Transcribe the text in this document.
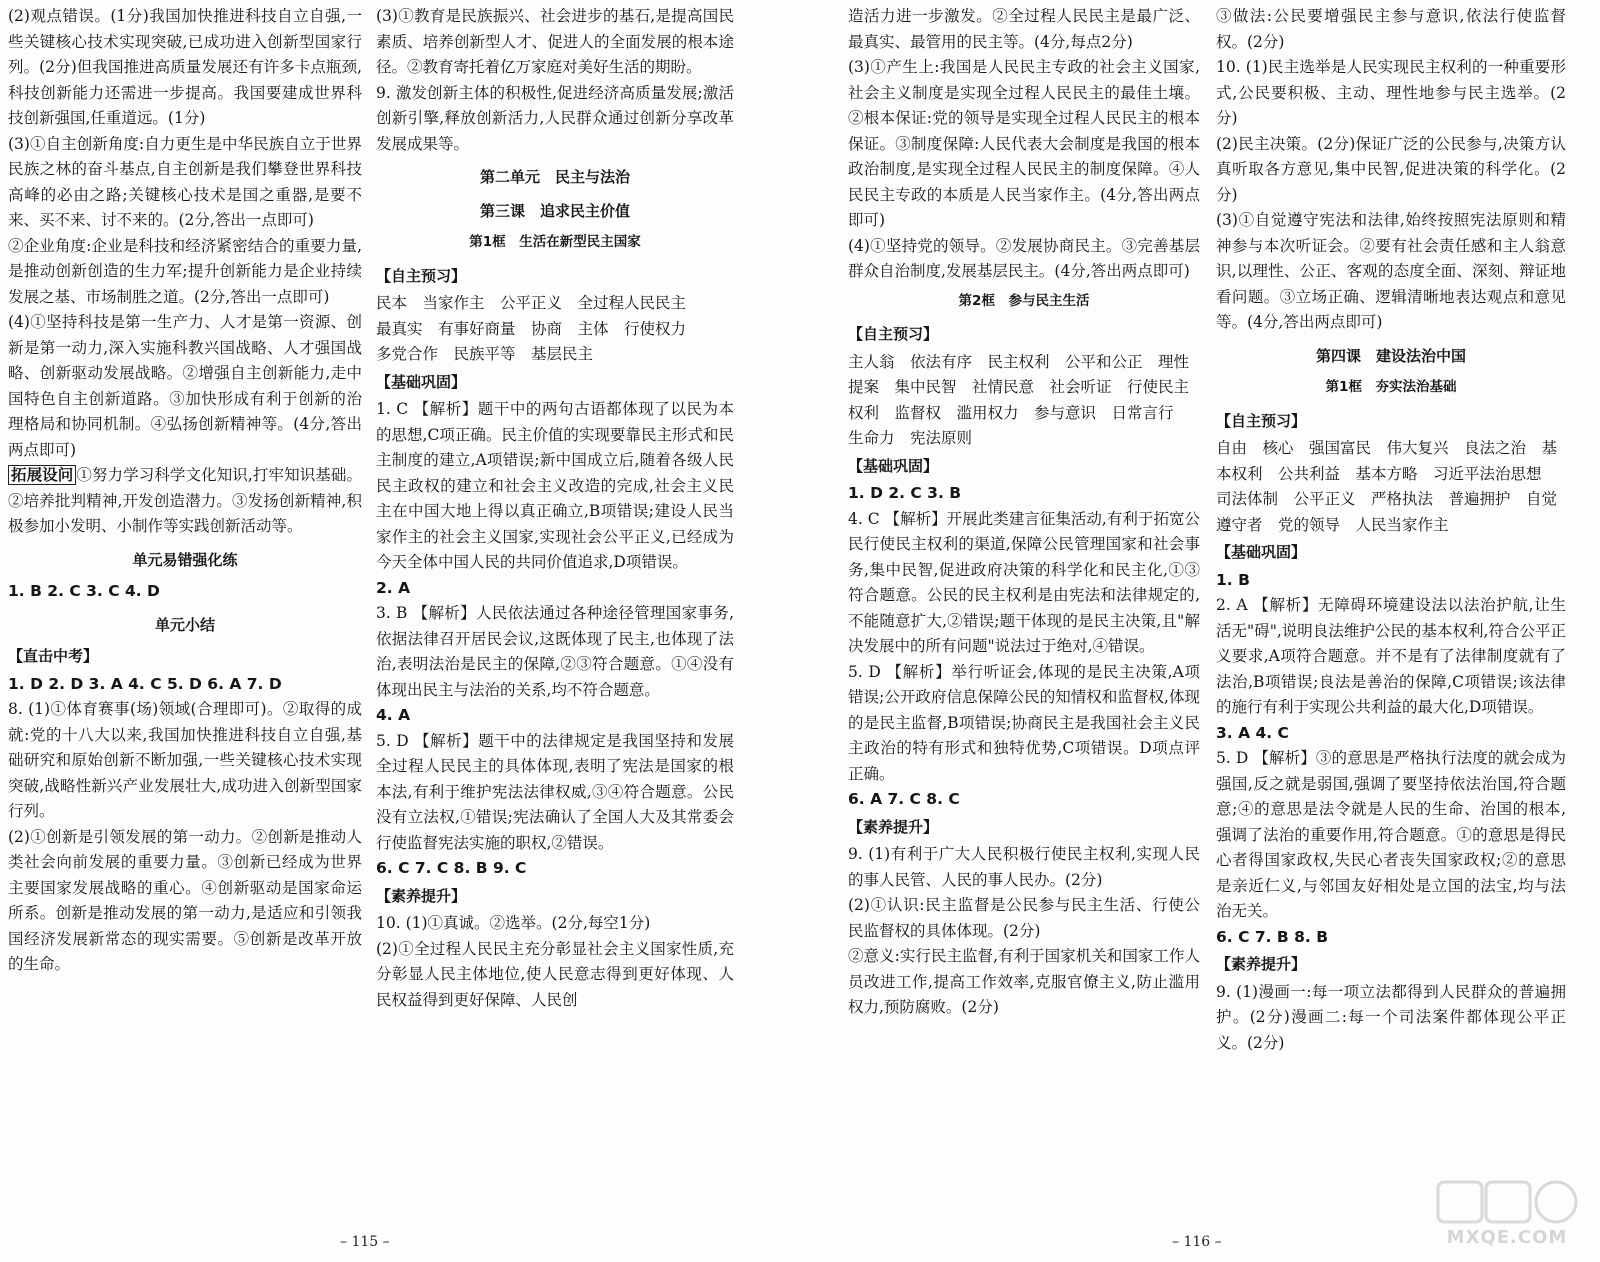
(2)观点错误。(1分)我国加快推进科技自立自强,一些关键核心技术实现突破,已成功进入创新型国家行列。(2分)但我国推进高质量发展还有许多卡点瓶颈,科技创新能力还需进一步提高。我国要建成世界科技创新强国,任重道远。(1分)
(3)①自主创新角度:自力更生是中华民族自立于世界民族之林的奋斗基点,自主创新是我们攀登世界科技高峰的必由之路;关键核心技术是国之重器,是要不来、买不来、讨不来的。(2分,答出一点即可)
②企业角度:企业是科技和经济紧密结合的重要力量,是推动创新创造的生力军;提升创新能力是企业持续发展之基、市场制胜之道。(2分,答出一点即可)
(4)①坚持科技是第一生产力、人才是第一资源、创新是第一动力,深入实施科教兴国战略、人才强国战略、创新驱动发展战略。②增强自主创新能力,走中国特色自主创新道路。③加快形成有利于创新的治理格局和协同机制。④弘扬创新精神等。(4分,答出两点即可)
拓展设问 ①努力学习科学文化知识,打牢知识基础。②培养批判精神,开发创造潜力。③发扬创新精神,积极参加小发明、小制作等实践创新活动等。
单元易错强化练
1. B 2. C 3. C 4. D
单元小结
【直击中考】
1. D 2. D 3. A 4. C 5. D 6. A 7. D
8. (1)①体育赛事(场)领域(合理即可)。②取得的成就:党的十八大以来,我国加快推进科技自立自强,基础研究和原始创新不断加强,一些关键核心技术实现突破,战略性新兴产业发展壮大,成功进入创新型国家行列。
(2)①创新是引领发展的第一动力。②创新是推动人类社会向前发展的重要力量。③创新已经成为世界主要国家发展战略的重心。④创新驱动是国家命运所系。创新是推动发展的第一动力,是适应和引领我国经济发展新常态的现实需要。⑤创新是改革开放的生命。
(3)①教育是民族振兴、社会进步的基石,是提高国民素质、培养创新型人才、促进人的全面发展的根本途径。②教育寄托着亿万家庭对美好生活的期盼。
9. 激发创新主体的积极性,促进经济高质量发展;激活创新引擎,释放创新活力,人民群众通过创新分享改革发展成果等。
第二单元　民主与法治
第三课　追求民主价值
第1框　生活在新型民主国家
【自主预习】
民本　当家作主　公平正义　全过程人民民主
最真实　有事好商量　协商　主体　行使权力
多党合作　民族平等　基层民主
【基础巩固】
1. C 【解析】题干中的两句古语都体现了以民为本的思想,C项正确。民主价值的实现要靠民主形式和民主制度的建立,A项错误;新中国成立后,随着各级人民民主政权的建立和社会主义改造的完成,社会主义民主在中国大地上得以真正确立,B项错误;建设人民当家作主的社会主义国家,实现社会公平正义,已经成为今天全体中国人民的共同价值追求,D项错误。
2. A
3. B 【解析】人民依法通过各种途径管理国家事务,依据法律召开居民会议,这既体现了民主,也体现了法治,表明法治是民主的保障,②③符合题意。①④没有体现出民主与法治的关系,均不符合题意。
4. A
5. D 【解析】题干中的法律规定是我国坚持和发展全过程人民民主的具体体现,表明了宪法是国家的根本法,有利于维护宪法法律权威,③④符合题意。公民没有立法权,①错误;宪法确认了全国人大及其常委会行使监督宪法实施的职权,②错误。
6. C 7. C 8. B 9. C
【素养提升】
10. (1)①真诚。②选举。(2分,每空1分)
(2)①全过程人民民主充分彰显社会主义国家性质,充分彰显人民主体地位,使人民意志得到更好体现、人民权益得到更好保障、人民创
造活力进一步激发。②全过程人民民主是最广泛、最真实、最管用的民主等。(4分,每点2分)
(3)①产生上:我国是人民民主专政的社会主义国家,社会主义制度是实现全过程人民民主的最佳土壤。②根本保证:党的领导是实现全过程人民民主的根本保证。③制度保障:人民代表大会制度是我国的根本政治制度,是实现全过程人民民主的制度保障。④人民民主专政的本质是人民当家作主。(4分,答出两点即可)
(4)①坚持党的领导。②发展协商民主。③完善基层群众自治制度,发展基层民主。(4分,答出两点即可)
第2框　参与民主生活
【自主预习】
主人翁　依法有序　民主权利　公平和公正　理性　提案　集中民智　社情民意　社会听证　行使民主权利　监督权　滥用权力　参与意识　日常言行　生命力　宪法原则
【基础巩固】
1. D 2. C 3. B
4. C 【解析】开展此类建言征集活动,有利于拓宽公民行使民主权利的渠道,保障公民管理国家和社会事务,集中民智,促进政府决策的科学化和民主化,①③符合题意。公民的民主权利是由宪法和法律规定的,不能随意扩大,②错误;题干体现的是民主决策,且"解决发展中的所有问题"说法过于绝对,④错误。
5. D 【解析】举行听证会,体现的是民主决策,A项错误;公开政府信息保障公民的知情权和监督权,体现的是民主监督,B项错误;协商民主是我国社会主义民主政治的特有形式和独特优势,C项错误。D项点评正确。
6. A 7. C 8. C
【素养提升】
9. (1)有利于广大人民积极行使民主权利,实现人民的事人民管、人民的事人民办。(2分)
(2)①认识:民主监督是公民参与民主生活、行使公民监督权的具体体现。(2分)
②意义:实行民主监督,有利于国家机关和国家工作人员改进工作,提高工作效率,克服官僚主义,防止滥用权力,预防腐败。(2分)
③做法:公民要增强民主参与意识,依法行使监督权。(2分)
10. (1)民主选举是人民实现民主权利的一种重要形式,公民要积极、主动、理性地参与民主选举。(2分)
(2)民主决策。(2分)保证广泛的公民参与,决策方认真听取各方意见,集中民智,促进决策的科学化。(2分)
(3)①自觉遵守宪法和法律,始终按照宪法原则和精神参与本次听证会。②要有社会责任感和主人翁意识,以理性、公正、客观的态度全面、深刻、辩证地看问题。③立场正确、逻辑清晰地表达观点和意见等。(4分,答出两点即可)
第四课　建设法治中国
第1框　夯实法治基础
【自主预习】
自由　核心　强国富民　伟大复兴　良法之治　基本权利　公共利益　基本方略　习近平法治思想　司法体制　公平正义　严格执法　普遍拥护　自觉遵守者　党的领导　人民当家作主
【基础巩固】
1. B
2. A 【解析】无障碍环境建设法以法治护航,让生活无"碍",说明良法维护公民的基本权利,符合公平正义要求,A项符合题意。并不是有了法律制度就有了法治,B项错误;良法是善治的保障,C项错误;该法律的施行有利于实现公共利益的最大化,D项错误。
3. A 4. C
5. D 【解析】③的意思是严格执行法度的就会成为强国,反之就是弱国,强调了要坚持依法治国,符合题意;④的意思是法令就是人民的生命、治国的根本,强调了法治的重要作用,符合题意。①的意思是得民心者得国家政权,失民心者丧失国家政权;②的意思是亲近仁义,与邻国友好相处是立国的法宝,均与法治无关。
6. C 7. B 8. B
【素养提升】
9. (1)漫画一:每一项立法都得到人民群众的普遍拥护。(2分)漫画二:每一个司法案件都体现公平正义。(2分)
– 115 –	– 116 –	MXQE.COM
